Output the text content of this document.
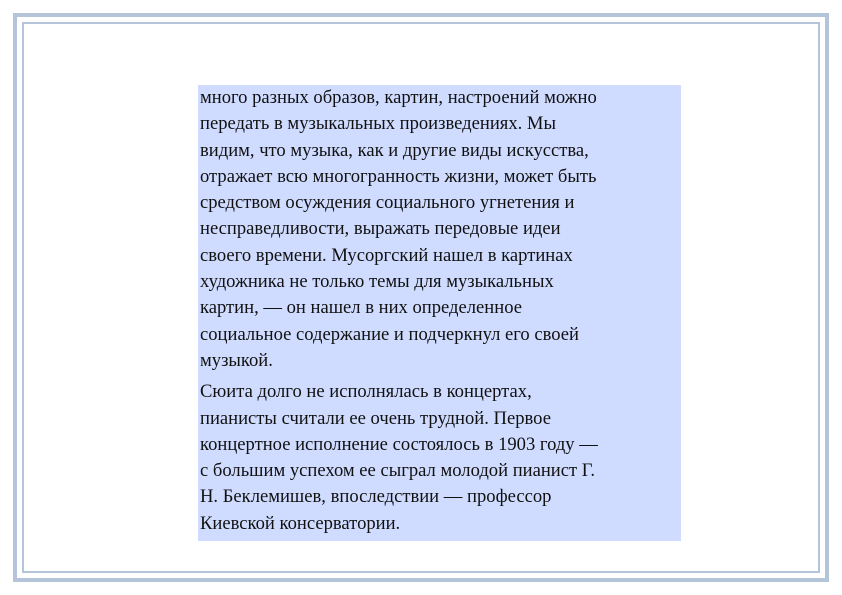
много разных образов, картин, настроений можно
передать в музыкальных произведениях. Мы
видим, что музыка, как и другие виды искусства,
отражает всю многогранность жизни, может быть
средством осуждения социального угнетения и
несправедливости, выражать передовые идеи
своего времени. Мусоргский нашел в картинах
художника не только темы для музыкальных
картин, — он нашел в них определенное
социальное содержание и подчеркнул его своей
музыкой.

Сюита долго не исполнялась в концертах,
пианисты считали ее очень трудной. Первое
концертное исполнение состоялось в 1903 году —
с большим успехом ее сыграл молодой пианист Г.
Н. Беклемишев, впоследствии — профессор
Киевской консерватории.
